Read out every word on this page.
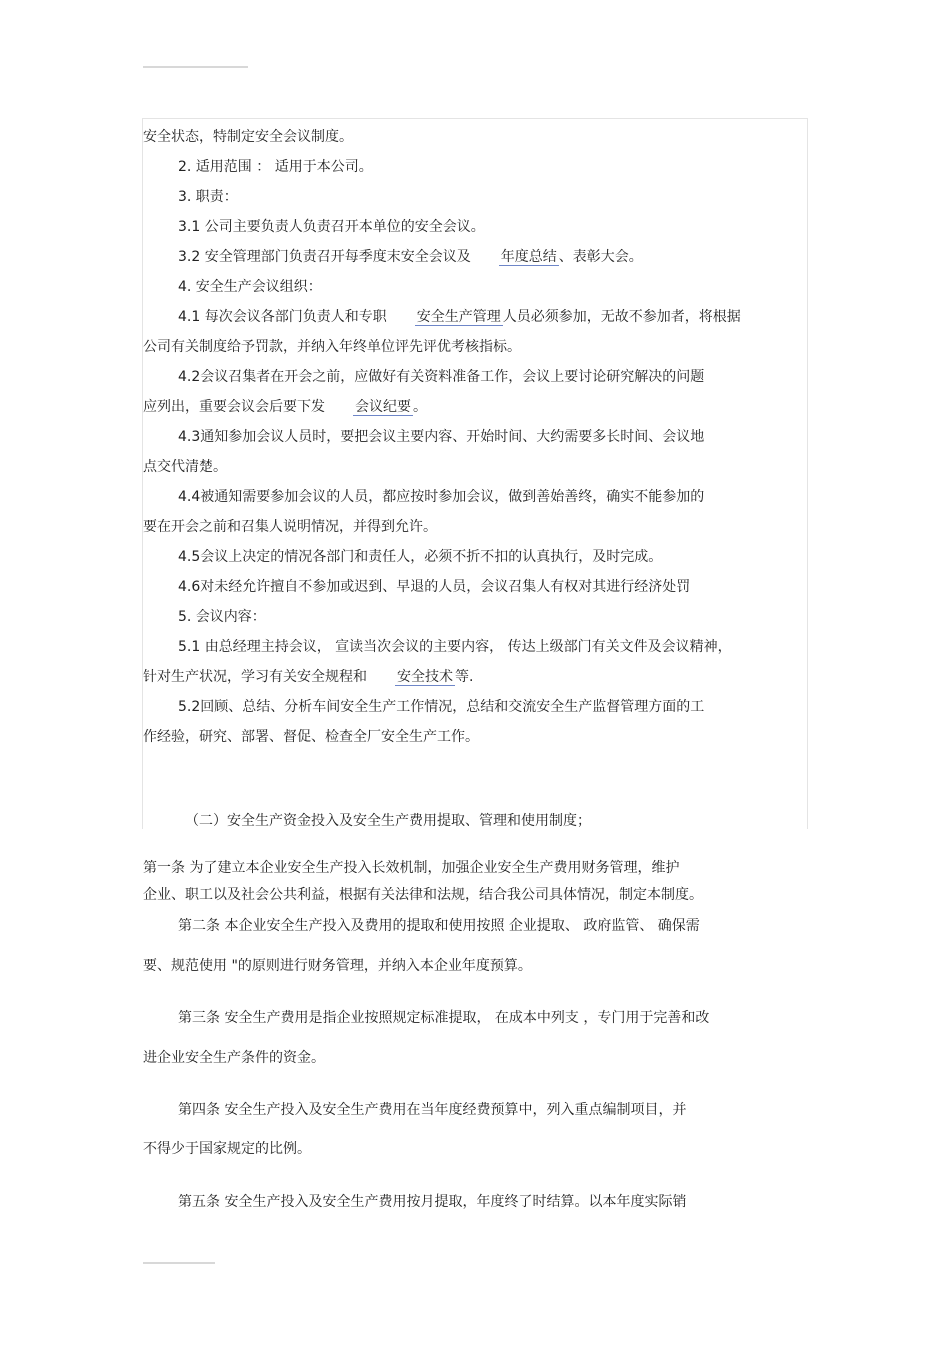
安全状态，特制定安全会议制度。
2. 适用范围 ： 适用于本公司。
3. 职责：
3.1 公司主要负责人负责召开本单位的安全会议。
3.2 安全管理部门负责召开每季度末安全会议及 年度总结 、表彰大会。
4. 安全生产会议组织：
4.1 每次会议各部门负责人和专职 安全生产管理 人员必须参加，无故不参加者，将根据
公司有关制度给予罚款，并纳入年终单位评先评优考核指标。
4.2会议召集者在开会之前，应做好有关资料准备工作，会议上要讨论研究解决的问题
应列出，重要会议会后要下发 会议纪要 。
4.3通知参加会议人员时，要把会议主要内容、开始时间、大约需要多长时间、会议地
点交代清楚。
4.4被通知需要参加会议的人员，都应按时参加会议，做到善始善终，确实不能参加的
要在开会之前和召集人说明情况，并得到允许。
4.5会议上决定的情况各部门和责任人，必须不折不扣的认真执行，及时完成。
4.6对未经允许擅自不参加或迟到、早退的人员，会议召集人有权对其进行经济处罚
5. 会议内容：
5.1 由总经理主持会议， 宣读当次会议的主要内容， 传达上级部门有关文件及会议精神，
针对生产状况，学习有关安全规程和 安全技术 等.
5.2回顾、总结、分析车间安全生产工作情况，总结和交流安全生产监督管理方面的工
作经验，研究、部署、督促、检查全厂安全生产工作。
（二）安全生产资金投入及安全生产费用提取、管理和使用制度；
第一条 为了建立本企业安全生产投入长效机制，加强企业安全生产费用财务管理，维护
企业、职工以及社会公共利益，根据有关法律和法规，结合我公司具体情况，制定本制度。
第二条 本企业安全生产投入及费用的提取和使用按照 企业提取、 政府监管、 确保需
要、规范使用 "的原则进行财务管理，并纳入本企业年度预算。
第三条 安全生产费用是指企业按照规定标准提取， 在成本中列支 ，专门用于完善和改
进企业安全生产条件的资金。
第四条 安全生产投入及安全生产费用在当年度经费预算中，列入重点编制项目，并
不得少于国家规定的比例。
第五条 安全生产投入及安全生产费用按月提取，年度终了时结算。以本年度实际销
